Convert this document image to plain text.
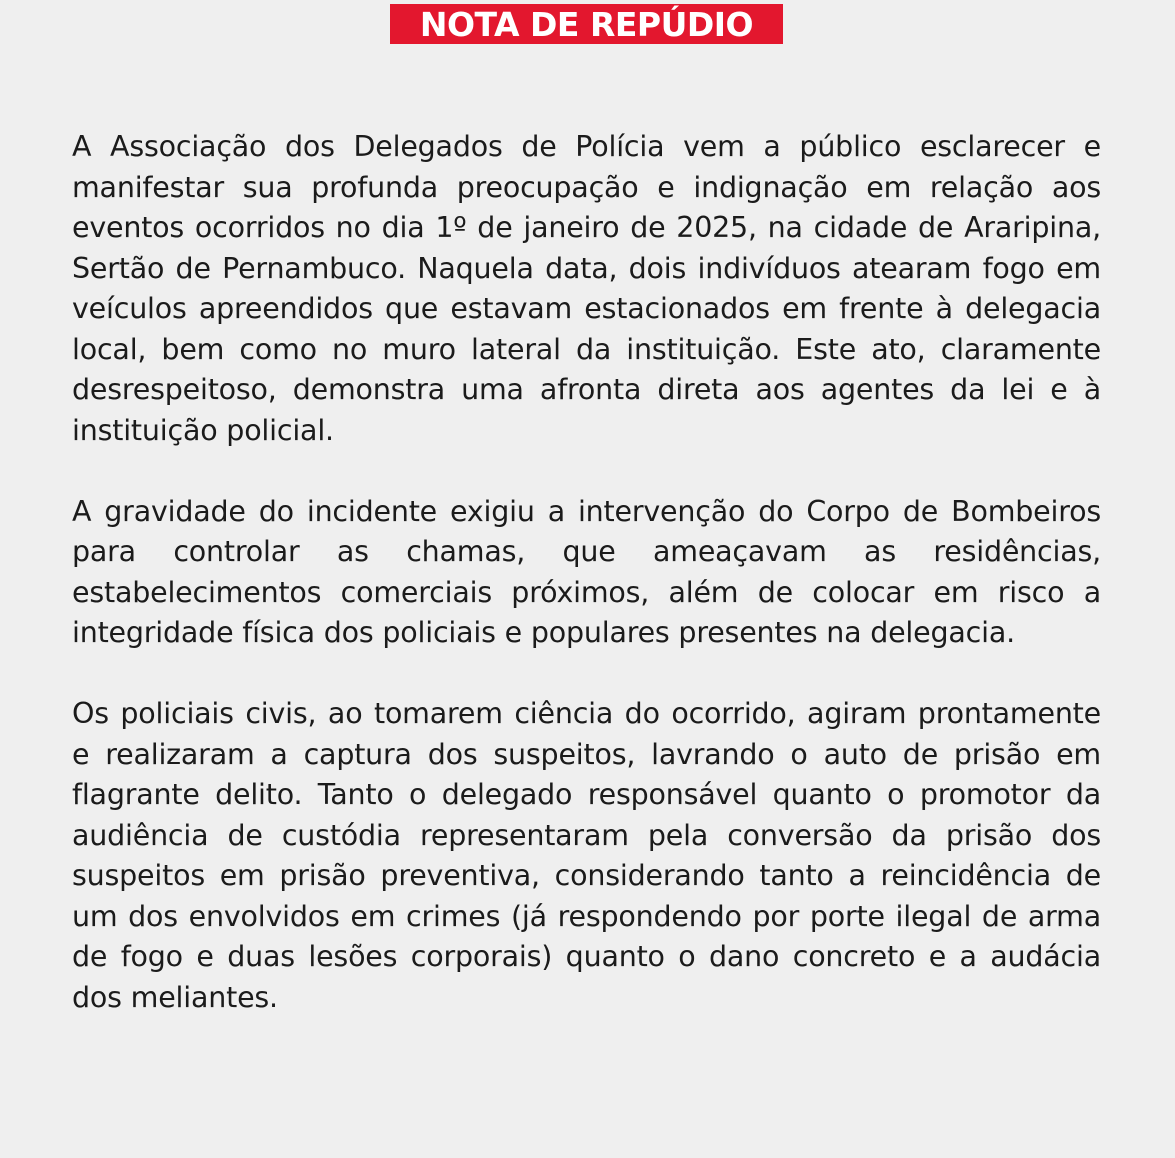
NOTA DE REPÚDIO

A Associação dos Delegados de Polícia vem a público esclarecer e manifestar sua profunda preocupação e indignação em relação aos eventos ocorridos no dia 1º de janeiro de 2025, na cidade de Araripina, Sertão de Pernambuco. Naquela data, dois indivíduos atearam fogo em veículos apreendidos que estavam estacionados em frente à delegacia local, bem como no muro lateral da instituição. Este ato, claramente desrespeitoso, demonstra uma afronta direta aos agentes da lei e à instituição policial.

A gravidade do incidente exigiu a intervenção do Corpo de Bombeiros para controlar as chamas, que ameaçavam as residências, estabelecimentos comerciais próximos, além de colocar em risco a integridade física dos policiais e populares presentes na delegacia.

Os policiais civis, ao tomarem ciência do ocorrido, agiram prontamente e realizaram a captura dos suspeitos, lavrando o auto de prisão em flagrante delito. Tanto o delegado responsável quanto o promotor da audiência de custódia representaram pela conversão da prisão dos suspeitos em prisão preventiva, considerando tanto a reincidência de um dos envolvidos em crimes (já respondendo por porte ilegal de arma de fogo e duas lesões corporais) quanto o dano concreto e a audácia dos meliantes.
